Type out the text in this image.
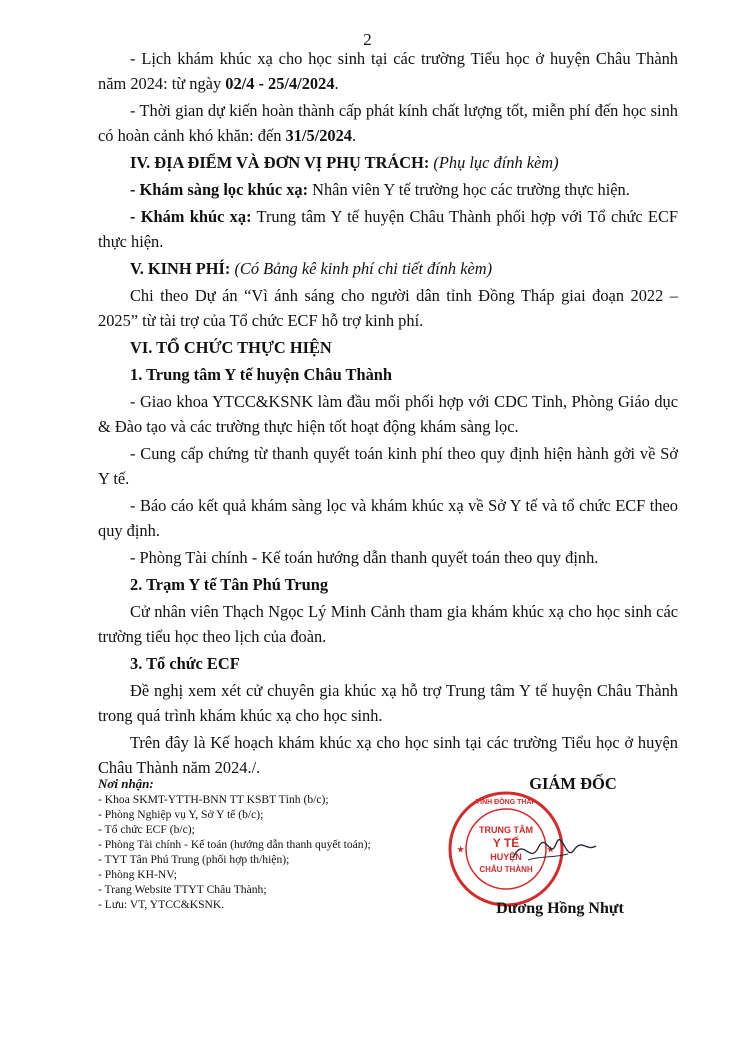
2

- Lịch khám khúc xạ cho học sinh tại các trường Tiểu học ở huyện Châu Thành năm 2024: từ ngày 02/4 - 25/4/2024.

- Thời gian dự kiến hoàn thành cấp phát kính chất lượng tốt, miễn phí đến học sinh có hoàn cảnh khó khăn: đến 31/5/2024.

IV. ĐỊA ĐIỂM VÀ ĐƠN VỊ PHỤ TRÁCH: (Phụ lục đính kèm)

- Khám sàng lọc khúc xạ: Nhân viên Y tế trường học các trường thực hiện.

- Khám khúc xạ: Trung tâm Y tế huyện Châu Thành phối hợp với Tổ chức ECF thực hiện.

V. KINH PHÍ: (Có Bảng kê kinh phí chi tiết đính kèm)

Chi theo Dự án “Vì ánh sáng cho người dân tỉnh Đồng Tháp giai đoạn 2022 – 2025” từ tài trợ của Tổ chức ECF hỗ trợ kinh phí.

VI. TỔ CHỨC THỰC HIỆN

1. Trung tâm Y tế huyện Châu Thành

- Giao khoa YTCC&KSNK làm đầu mối phối hợp với CDC Tỉnh, Phòng Giáo dục & Đào tạo và các trường thực hiện tốt hoạt động khám sàng lọc.

- Cung cấp chứng từ thanh quyết toán kinh phí theo quy định hiện hành gởi về Sở Y tế.

- Báo cáo kết quả khám sàng lọc và khám khúc xạ về Sở Y tế và tổ chức ECF theo quy định.

- Phòng Tài chính - Kế toán hướng dẫn thanh quyết toán theo quy định.

2. Trạm Y tế Tân Phú Trung

Cử nhân viên Thạch Ngọc Lý Minh Cảnh tham gia khám khúc xạ cho học sinh các trường tiểu học theo lịch của đoàn.

3. Tổ chức ECF

Đề nghị xem xét cử chuyên gia khúc xạ hỗ trợ Trung tâm Y tế huyện Châu Thành trong quá trình khám khúc xạ cho học sinh.

Trên đây là Kế hoạch khám khúc xạ cho học sinh tại các trường Tiểu học ở huyện Châu Thành năm 2024./.

Nơi nhận:
- Khoa SKMT-YTTH-BNN TT KSBT Tỉnh (b/c);
- Phòng Nghiệp vụ Y, Sở Y tế (b/c);
- Tổ chức ECF (b/c);
- Phòng Tài chính - Kế toán (hướng dẫn thanh quyết toán);
- TYT Tân Phú Trung (phối hợp th/hiện);
- Phòng KH-NV;
- Trang Website TTYT Châu Thành;
- Lưu: VT, YTCC&KSNK.
GIÁM ĐỐC
TRUNG TÂM
Y TẾ
HUYỆN
CHÂU THÀNH
TỈNH ĐỒNG THÁP
★	★
Dương Hồng Nhựt
